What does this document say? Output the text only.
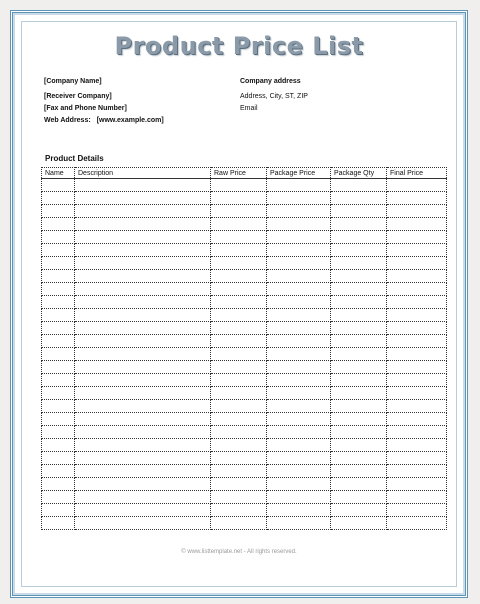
Product Price List
[Company Name]
[Receiver Company]
[Fax and Phone Number]
Web Address: [www.example.com]
Company address
Address, City, ST, ZIP
Email
Product Details
Name	Description	Raw Price	Package Price	Package Qty	Final Price

© www.listtemplate.net - All rights reserved.
